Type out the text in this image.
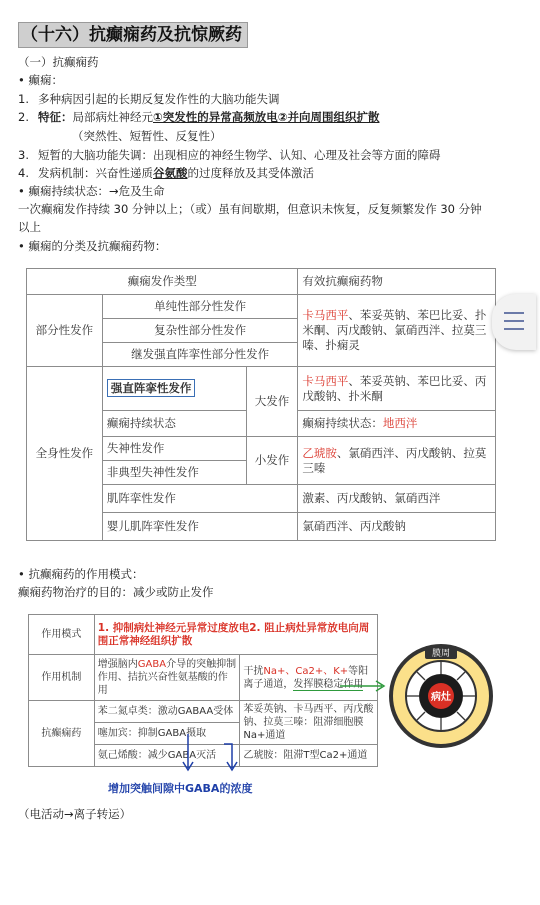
（十六）抗癫痫药及抗惊厥药
（一）抗癫痫药
• 癫痫：
1. 多种病因引起的长期反复发作性的大脑功能失调
2. 特征：局部病灶神经元①突发性的异常高频放电②并向周围组织扩散
（突然性、短暂性、反复性）
3. 短暂的大脑功能失调：出现相应的神经生物学、认知、心理及社会等方面的障碍
4. 发病机制：兴奋性递质谷氨酸的过度释放及其受体激活
• 癫痫持续状态：→危及生命
一次癫痫发作持续 30 分钟以上；（或）虽有间歇期，但意识未恢复，反复频繁发作 30 分钟
以上
• 癫痫的分类及抗癫痫药物：
癫痫发作类型			有效抗癫痫药物
部分性发作	单纯性部分性发作		卡马西平、苯妥英钠、苯巴比妥、扑米酮、丙戊酸钠、氯硝西泮、拉莫三嗪、扑痫灵
	复杂性部分性发作		
	继发强直阵挛性部分性发作		
全身性发作	强直阵挛性发作	大发作	卡马西平、苯妥英钠、苯巴比妥、丙戊酸钠、扑米酮
	癫痫持续状态		癫痫持续状态：地西泮
	失神性发作	小发作	乙琥胺、氯硝西泮、丙戊酸钠、拉莫三嗪
	非典型失神性发作		
	肌阵挛性发作		激素、丙戊酸钠、氯硝西泮
	婴儿肌阵挛性发作		氯硝西泮、丙戊酸钠
• 抗癫痫药的作用模式：
癫痫药物治疗的目的：减少或防止发作
作用模式	1. 抑制病灶神经元异常过度放电2. 阻止病灶异常放电向周围正常神经组织扩散	
作用机制	增强脑内GABA介导的突触抑制作用、拮抗兴奋性氨基酸的作用	干扰Na+、Ca2+、K+等阳离子通道，发挥膜稳定作用
抗癫痫药	苯二氮卓类：激动GABAA受体	苯妥英钠、卡马西平、丙戊酸钠、拉莫三嗪：阻滞细胞膜Na+通道
	噻加宾：抑制GABA摄取	
	氨己烯酸：减少GABA灭活	乙琥胺：阻滞T型Ca2+通道
增加突触间隙中GABA的浓度
膜周
病灶
（电活动→离子转运）
